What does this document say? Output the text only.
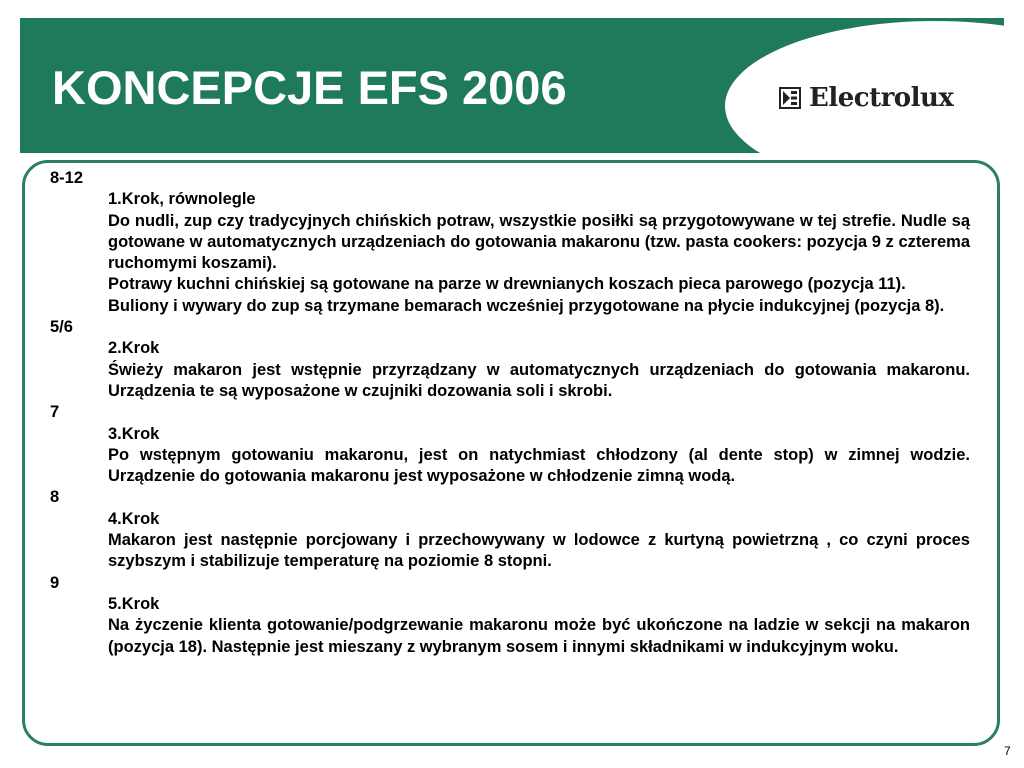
KONCEPCJE EFS 2006	Electrolux

8-12

1.Krok, równolegle

Do nudli, zup czy tradycyjnych chińskich potraw, wszystkie posiłki są przygotowywane w tej strefie. Nudle są gotowane w automatycznych urządzeniach do gotowania makaronu (tzw. pasta cookers: pozycja 9 z czterema ruchomymi koszami).

Potrawy kuchni chińskiej są gotowane na parze w drewnianych koszach pieca parowego (pozycja 11).

Buliony i wywary do zup są trzymane bemarach wcześniej przygotowane na płycie indukcyjnej (pozycja 8).

5/6

2.Krok

Świeży makaron jest wstępnie przyrządzany w automatycznych urządzeniach do gotowania makaronu. Urządzenia te są wyposażone w czujniki dozowania soli i skrobi.

7

3.Krok

Po wstępnym gotowaniu makaronu, jest on natychmiast chłodzony (al dente stop) w zimnej wodzie. Urządzenie do gotowania makaronu jest wyposażone w chłodzenie zimną wodą.

8

4.Krok

Makaron jest następnie porcjowany i przechowywany w lodowce z kurtyną powietrzną , co czyni proces szybszym i stabilizuje temperaturę na poziomie 8 stopni.

9

5.Krok

Na życzenie klienta gotowanie/podgrzewanie makaronu może być ukończone na ladzie w sekcji na makaron (pozycja 18). Następnie jest mieszany z wybranym sosem i innymi składnikami w indukcyjnym woku.

7
